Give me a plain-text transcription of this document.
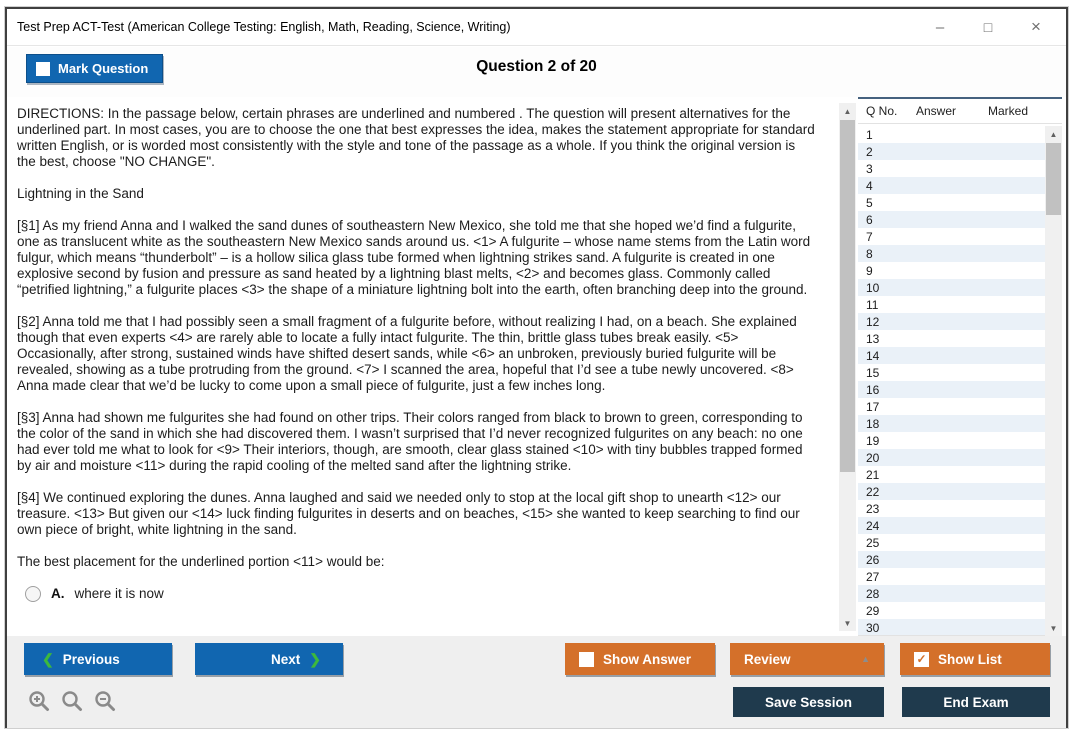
Test Prep ACT-Test (American College Testing: English, Math, Reading, Science, Writing)	–	□	×
Mark Question	Question 2 of 20

DIRECTIONS: In the passage below, certain phrases are underlined and numbered . The question will present alternatives for the underlined part. In most cases, you are to choose the one that best expresses the idea, makes the statement appropriate for standard written English, or is worded most consistently with the style and tone of the passage as a whole. If you think the original version is the best, choose "NO CHANGE".

Lightning in the Sand

[§1] As my friend Anna and I walked the sand dunes of southeastern New Mexico, she told me that she hoped we’d find a fulgurite, one as translucent white as the southeastern New Mexico sands around us. <1> A fulgurite – whose name stems from the Latin word fulgur, which means “thunderbolt” – is a hollow silica glass tube formed when lightning strikes sand. A fulgurite is created in one explosive second by fusion and pressure as sand heated by a lightning blast melts, <2> and becomes glass. Commonly called “petrified lightning,” a fulgurite places <3> the shape of a miniature lightning bolt into the earth, often branching deep into the ground.

[§2] Anna told me that I had possibly seen a small fragment of a fulgurite before, without realizing I had, on a beach. She explained though that even experts <4> are rarely able to locate a fully intact fulgurite. The thin, brittle glass tubes break easily. <5> Occasionally, after strong, sustained winds have shifted desert sands, while <6> an unbroken, previously buried fulgurite will be revealed, showing as a tube protruding from the ground. <7> I scanned the area, hopeful that I’d see a tube newly uncovered. <8> Anna made clear that we’d be lucky to come upon a small piece of fulgurite, just a few inches long.

[§3] Anna had shown me fulgurites she had found on other trips. Their colors ranged from black to brown to green, corresponding to the color of the sand in which she had discovered them. I wasn’t surprised that I’d never recognized fulgurites on any beach: no one had ever told me what to look for <9> Their interiors, though, are smooth, clear glass stained <10> with tiny bubbles trapped formed by air and moisture <11> during the rapid cooling of the melted sand after the lightning strike.

[§4] We continued exploring the dunes. Anna laughed and said we needed only to stop at the local gift shop to unearth <12> our treasure. <13> But given our <14> luck finding fulgurites in deserts and on beaches, <15> she wanted to keep searching to find our own piece of bright, white lightning in the sand.

The best placement for the underlined portion <11> would be:

A. where it is now
▲
▼
Q No.	Answer	Marked
1
2
3
4
5
6
7
8
9
10
11
12
13
14
15
16
17
18
19
20
21
22
23
24
25
26
27
28
29
30
▲
▼
❮ Previous	Next ❯	Show Answer	Review	▲	✓ Show List
Save Session	End Exam
